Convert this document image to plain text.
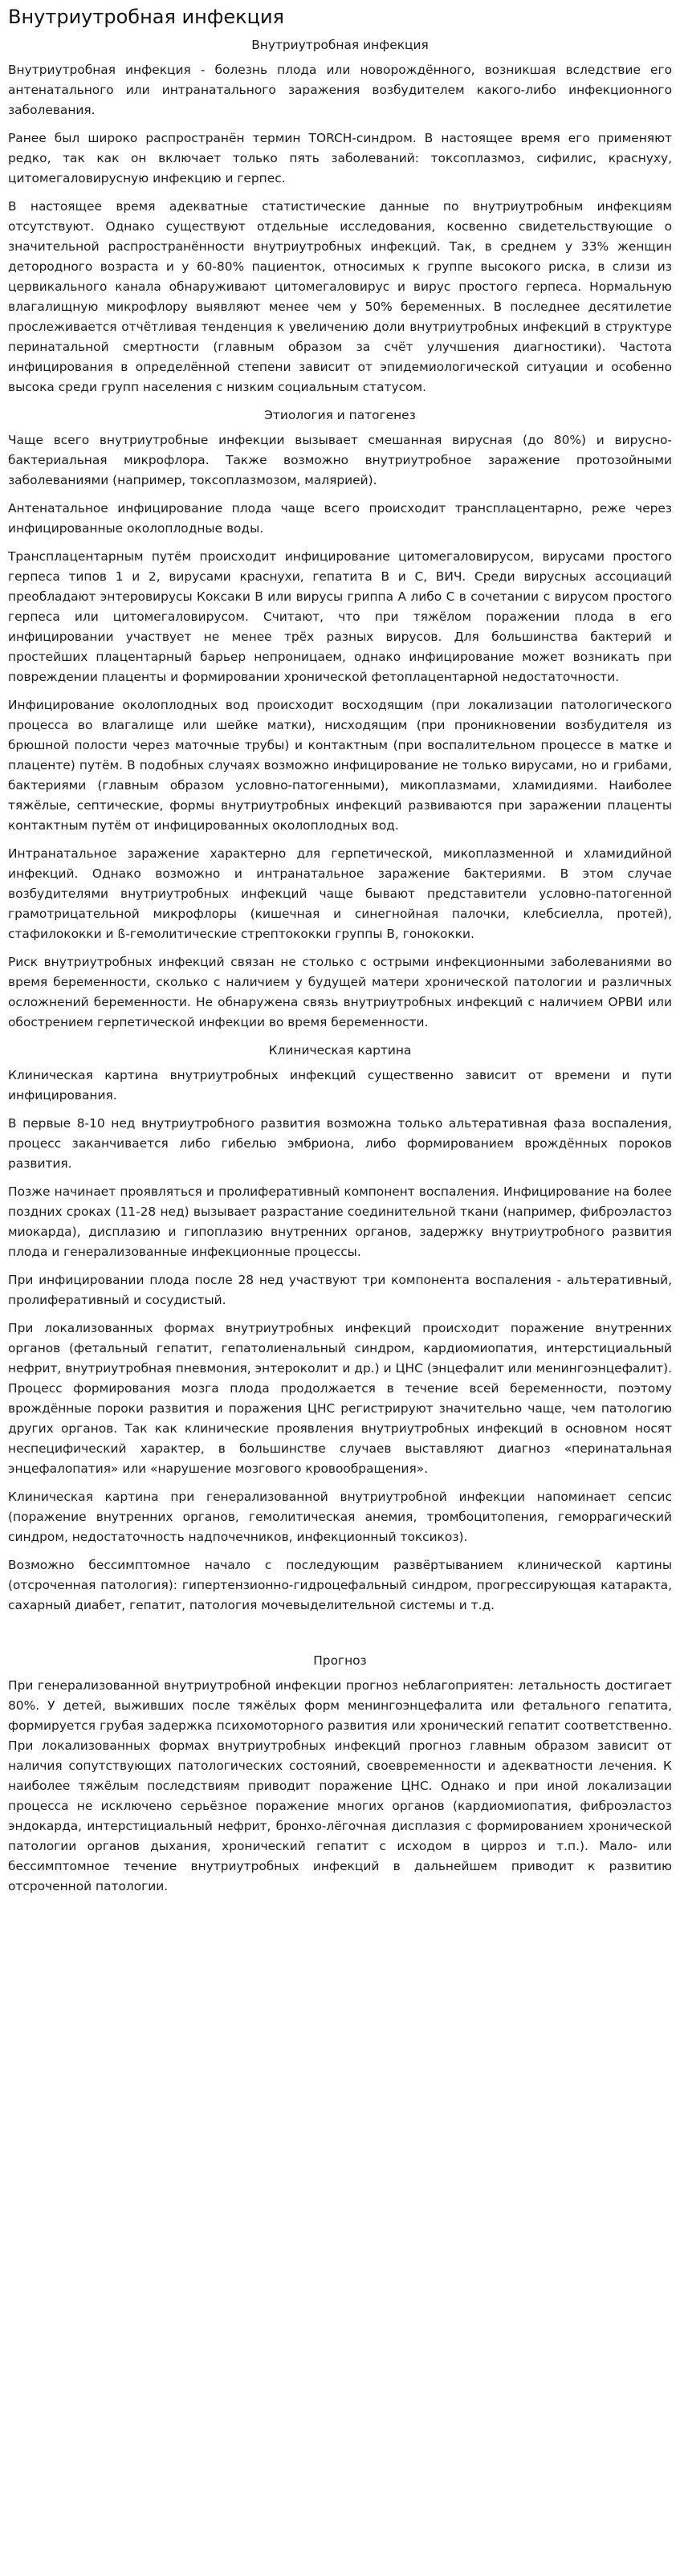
Внутриутробная инфекция
Внутриутробная инфекция

Внутриутробная инфекция - болезнь плода или новорождённого, возникшая вследствие его антенатального или интранатального заражения возбудителем какого-либо инфекционного заболевания.

Ранее был широко распространён термин TORCH-синдром. В настоящее время его применяют редко, так как он включает только пять заболеваний: токсоплазмоз, сифилис, краснуху, цитомегаловирусную инфекцию и герпес.

В настоящее время адекватные статистические данные по внутриутробным инфекциям отсутствуют. Однако существуют отдельные исследования, косвенно свидетельствующие о значительной распространённости внутриутробных инфекций. Так, в среднем у 33% женщин детородного возраста и у 60-80% пациенток, относимых к группе высокого риска, в слизи из цервикального канала обнаруживают цитомегаловирус и вирус простого герпеса. Нормальную влагалищную микрофлору выявляют менее чем у 50% беременных. В последнее десятилетие прослеживается отчётливая тенденция к увеличению доли внутриутробных инфекций в структуре перинатальной смертности (главным образом за счёт улучшения диагностики). Частота инфицирования в определённой степени зависит от эпидемиологической ситуации и особенно высока среди групп населения с низким социальным статусом.

Этиология и патогенез

Чаще всего внутриутробные инфекции вызывает смешанная вирусная (до 80%) и вирусно-бактериальная микрофлора. Также возможно внутриутробное заражение протозойными заболеваниями (например, токсоплазмозом, малярией).

Антенатальное инфицирование плода чаще всего происходит трансплацентарно, реже через инфицированные околоплодные воды.

Трансплацентарным путём происходит инфицирование цитомегаловирусом, вирусами простого герпеса типов 1 и 2, вирусами краснухи, гепатита B и C, ВИЧ. Среди вирусных ассоциаций преобладают энтеровирусы Коксаки B или вирусы гриппа A либо C в сочетании с вирусом простого герпеса или цитомегаловирусом. Считают, что при тяжёлом поражении плода в его инфицировании участвует не менее трёх разных вирусов. Для большинства бактерий и простейших плацентарный барьер непроницаем, однако инфицирование может возникать при повреждении плаценты и формировании хронической фетоплацентарной недостаточности.

Инфицирование околоплодных вод происходит восходящим (при локализации патологического процесса во влагалище или шейке матки), нисходящим (при проникновении возбудителя из брюшной полости через маточные трубы) и контактным (при воспалительном процессе в матке и плаценте) путём. В подобных случаях возможно инфицирование не только вирусами, но и грибами, бактериями (главным образом условно-патогенными), микоплазмами, хламидиями. Наиболее тяжёлые, септические, формы внутриутробных инфекций развиваются при заражении плаценты контактным путём от инфицированных околоплодных вод.

Интранатальное заражение характерно для герпетической, микоплазменной и хламидийной инфекций. Однако возможно и интранатальное заражение бактериями. В этом случае возбудителями внутриутробных инфекций чаще бывают представители условно-патогенной грамотрицательной микрофлоры (кишечная и синегнойная палочки, клебсиелла, протей), стафилококки и ß-гемолитические стрептококки группы B, гонококки.

Риск внутриутробных инфекций связан не столько с острыми инфекционными заболеваниями во время беременности, сколько с наличием у будущей матери хронической патологии и различных осложнений беременности. Не обнаружена связь внутриутробных инфекций с наличием ОРВИ или обострением герпетической инфекции во время беременности.

Клиническая картина

Клиническая картина внутриутробных инфекций существенно зависит от времени и пути инфицирования.

В первые 8-10 нед внутриутробного развития возможна только альтеративная фаза воспаления, процесс заканчивается либо гибелью эмбриона, либо формированием врождённых пороков развития.

Позже начинает проявляться и пролиферативный компонент воспаления. Инфицирование на более поздних сроках (11-28 нед) вызывает разрастание соединительной ткани (например, фиброэластоз миокарда), дисплазию и гипоплазию внутренних органов, задержку внутриутробного развития плода и генерализованные инфекционные процессы.

При инфицировании плода после 28 нед участвуют три компонента воспаления - альтеративный, пролиферативный и сосудистый.

При локализованных формах внутриутробных инфекций происходит поражение внутренних органов (фетальный гепатит, гепатолиенальный синдром, кардиомиопатия, интерстициальный нефрит, внутриутробная пневмония, энтероколит и др.) и ЦНС (энцефалит или менингоэнцефалит). Процесс формирования мозга плода продолжается в течение всей беременности, поэтому врождённые пороки развития и поражения ЦНС регистрируют значительно чаще, чем патологию других органов. Так как клинические проявления внутриутробных инфекций в основном носят неспецифический характер, в большинстве случаев выставляют диагноз «перинатальная энцефалопатия» или «нарушение мозгового кровообращения».

Клиническая картина при генерализованной внутриутробной инфекции напоминает сепсис (поражение внутренних органов, гемолитическая анемия, тромбоцитопения, геморрагический синдром, недостаточность надпочечников, инфекционный токсикоз).

Возможно бессимптомное начало с последующим развёртыванием клинической картины (отсроченная патология): гипертензионно-гидроцефальный синдром, прогрессирующая катаракта, сахарный диабет, гепатит, патология мочевыделительной системы и т.д.

Прогноз

При генерализованной внутриутробной инфекции прогноз неблагоприятен: летальность достигает 80%. У детей, выживших после тяжёлых форм менингоэнцефалита или фетального гепатита, формируется грубая задержка психомоторного развития или хронический гепатит соответственно. При локализованных формах внутриутробных инфекций прогноз главным образом зависит от наличия сопутствующих патологических состояний, своевременности и адекватности лечения. К наиболее тяжёлым последствиям приводит поражение ЦНС. Однако и при иной локализации процесса не исключено серьёзное поражение многих органов (кардиомиопатия, фиброэластоз эндокарда, интерстициальный нефрит, бронхо-лёгочная дисплазия с формированием хронической патологии органов дыхания, хронический гепатит с исходом в цирроз и т.п.). Мало- или бессимптомное течение внутриутробных инфекций в дальнейшем приводит к развитию отсроченной патологии.
